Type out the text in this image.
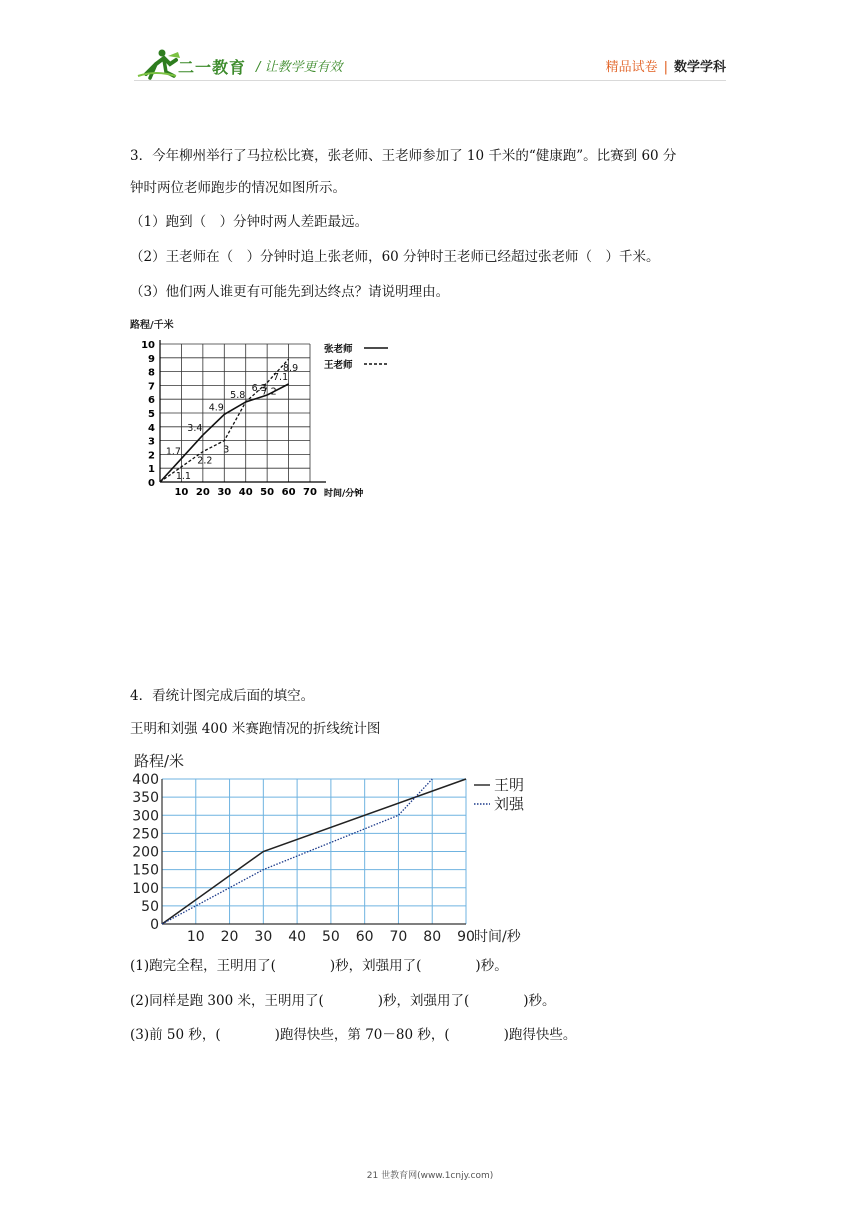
二一教育 / 让教学更有效	精品试卷 | 数学学科
3．今年柳州举行了马拉松比赛，张老师、王老师参加了 10 千米的“健康跑”。比赛到 60 分
钟时两位老师跑步的情况如图所示。
（1）跑到（　）分钟时两人差距最远。
（2）王老师在（　）分钟时追上张老师，60 分钟时王老师已经超过张老师（　）千米。
（3）他们两人谁更有可能先到达终点？请说明理由。
路程/千米
10 20 30 40 50 60 70
0
1
2
3
4
5
6
7
8
9
10
时间/分钟
1.7
3.4
4.9
5.8
6.3
7.1
张老师
1.1
2.2
3
7.2
8.9	王老师
4．看统计图完成后面的填空。
王明和刘强 400 米赛跑情况的折线统计图
路程/米
10 20 30 40 50 60 70 80 90
0
50
100
150
200
250
300
350
400
时间/秒
王明
刘强
(1)跑完全程，王明用了(　　　　)秒，刘强用了(　　　　)秒。
(2)同样是跑 300 米，王明用了(　　　　)秒，刘强用了(　　　　)秒。
(3)前 50 秒，(　　　　)跑得快些，第 70－80 秒，(　　　　)跑得快些。
21 世教育网(www.1cnjy.com)
